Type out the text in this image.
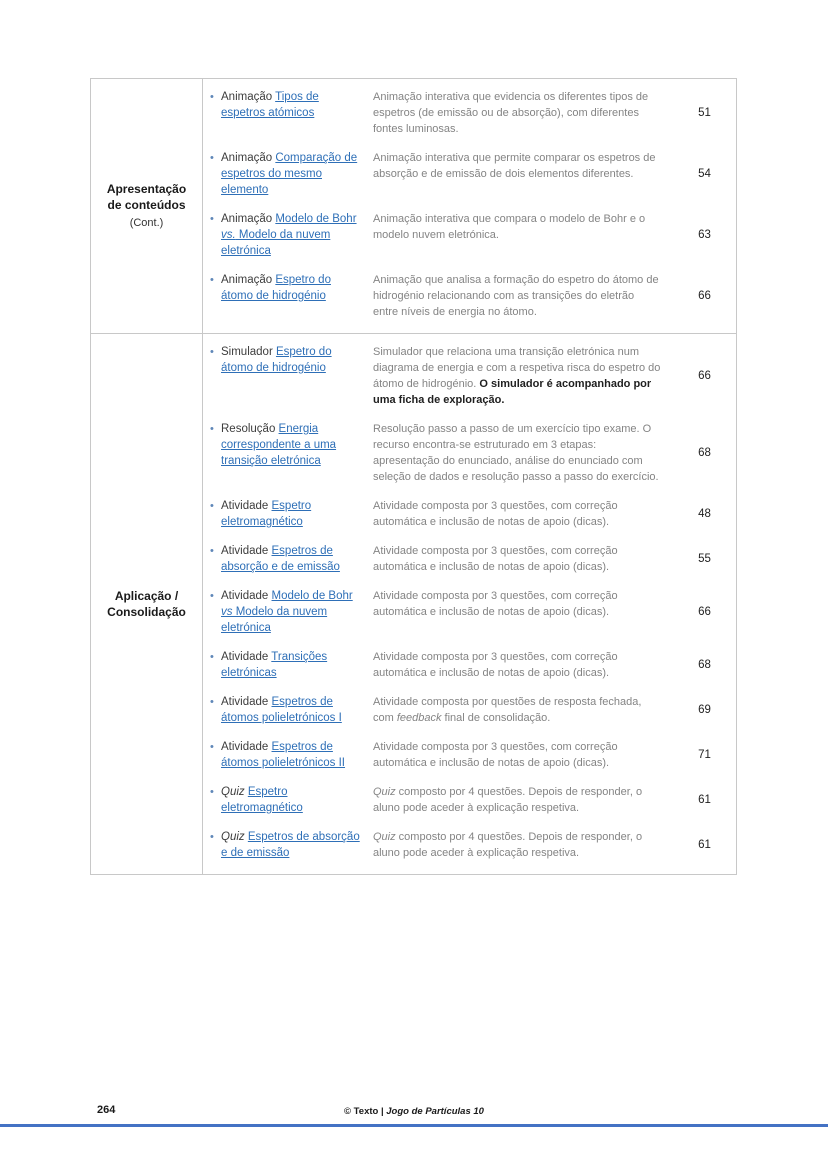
Apresentação
de conteúdos
(Cont.)
• Animação Tipos de espetros atómicos
Animação interativa que evidencia os diferentes tipos de espetros (de emissão ou de absorção), com diferentes fontes luminosas.
51
• Animação Comparação de espetros do mesmo elemento
Animação interativa que permite comparar os espetros de absorção e de emissão de dois elementos diferentes.	54
• Animação Modelo de Bohr vs. Modelo da nuvem eletrónica
Animação interativa que compara o modelo de Bohr e o modelo nuvem eletrónica.	63
• Animação Espetro do átomo de hidrogénio
Animação que analisa a formação do espetro do átomo de hidrogénio relacionando com as transições do eletrão entre níveis de energia no átomo.
66
Aplicação /
Consolidação
• Simulador Espetro do átomo de hidrogénio
Simulador que relaciona uma transição eletrónica num diagrama de energia e com a respetiva risca do espetro do átomo de hidrogénio. O simulador é acompanhado por uma ficha de exploração.
66
• Resolução Energia correspondente a uma transição eletrónica
Resolução passo a passo de um exercício tipo exame. O recurso encontra-se estruturado em 3 etapas: apresentação do enunciado, análise do enunciado com seleção de dados e resolução passo a passo do exercício.
68
• Atividade Espetro eletromagnético
Atividade composta por 3 questões, com correção automática e inclusão de notas de apoio (dicas).
48
• Atividade Espetros de absorção e de emissão
Atividade composta por 3 questões, com correção automática e inclusão de notas de apoio (dicas).
55
• Atividade Modelo de Bohr vs Modelo da nuvem eletrónica
Atividade composta por 3 questões, com correção automática e inclusão de notas de apoio (dicas).	66
• Atividade Transições eletrónicas
Atividade composta por 3 questões, com correção automática e inclusão de notas de apoio (dicas).
68
• Atividade Espetros de átomos polieletrónicos I
Atividade composta por questões de resposta fechada, com feedback final de consolidação.
69
• Atividade Espetros de átomos polieletrónicos II
Atividade composta por 3 questões, com correção automática e inclusão de notas de apoio (dicas).
71
• Quiz Espetro eletromagnético
Quiz composto por 4 questões. Depois de responder, o aluno pode aceder à explicação respetiva.
61
• Quiz Espetros de absorção e de emissão
Quiz composto por 4 questões. Depois de responder, o aluno pode aceder à explicação respetiva.
61
264	© Texto | Jogo de Partículas 10
